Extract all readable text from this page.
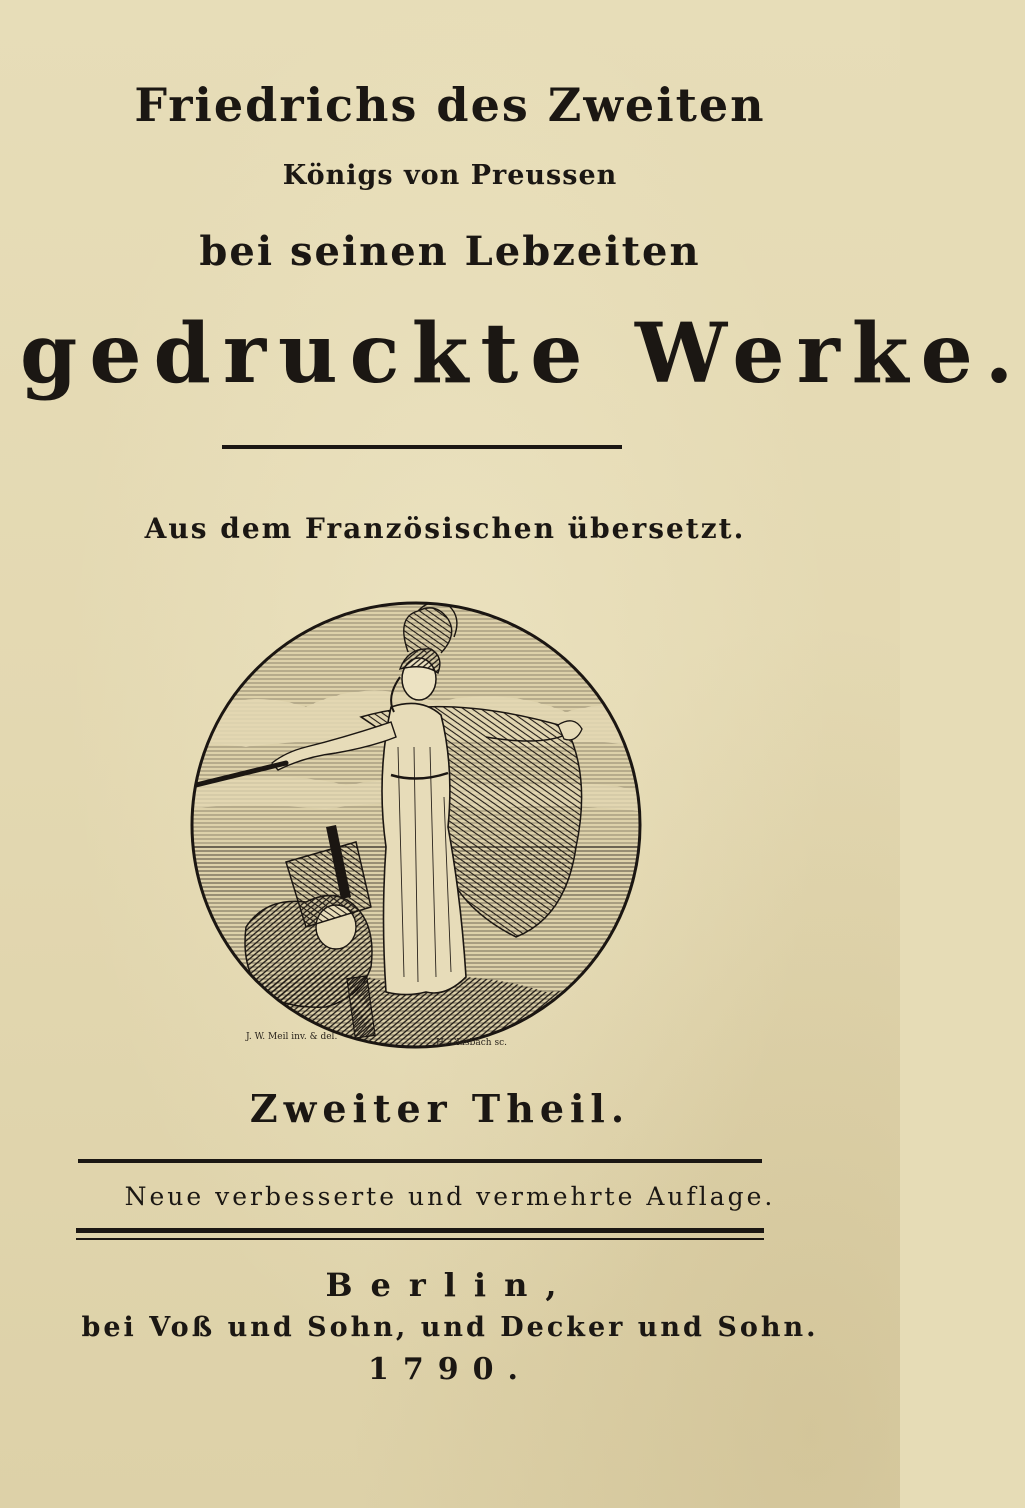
Friedrichs des Zweiten
Königs von Preussen
bei seinen Lebzeiten
gedruckte Werke.
Aus dem Französischen übersetzt.
J. W. Meil inv. & del.
H. Glasbach sc.
Zweiter Theil.
Neue verbesserte und vermehrte Auflage.
Berlin,
bei Voß und Sohn, und Decker und Sohn.
1790.
